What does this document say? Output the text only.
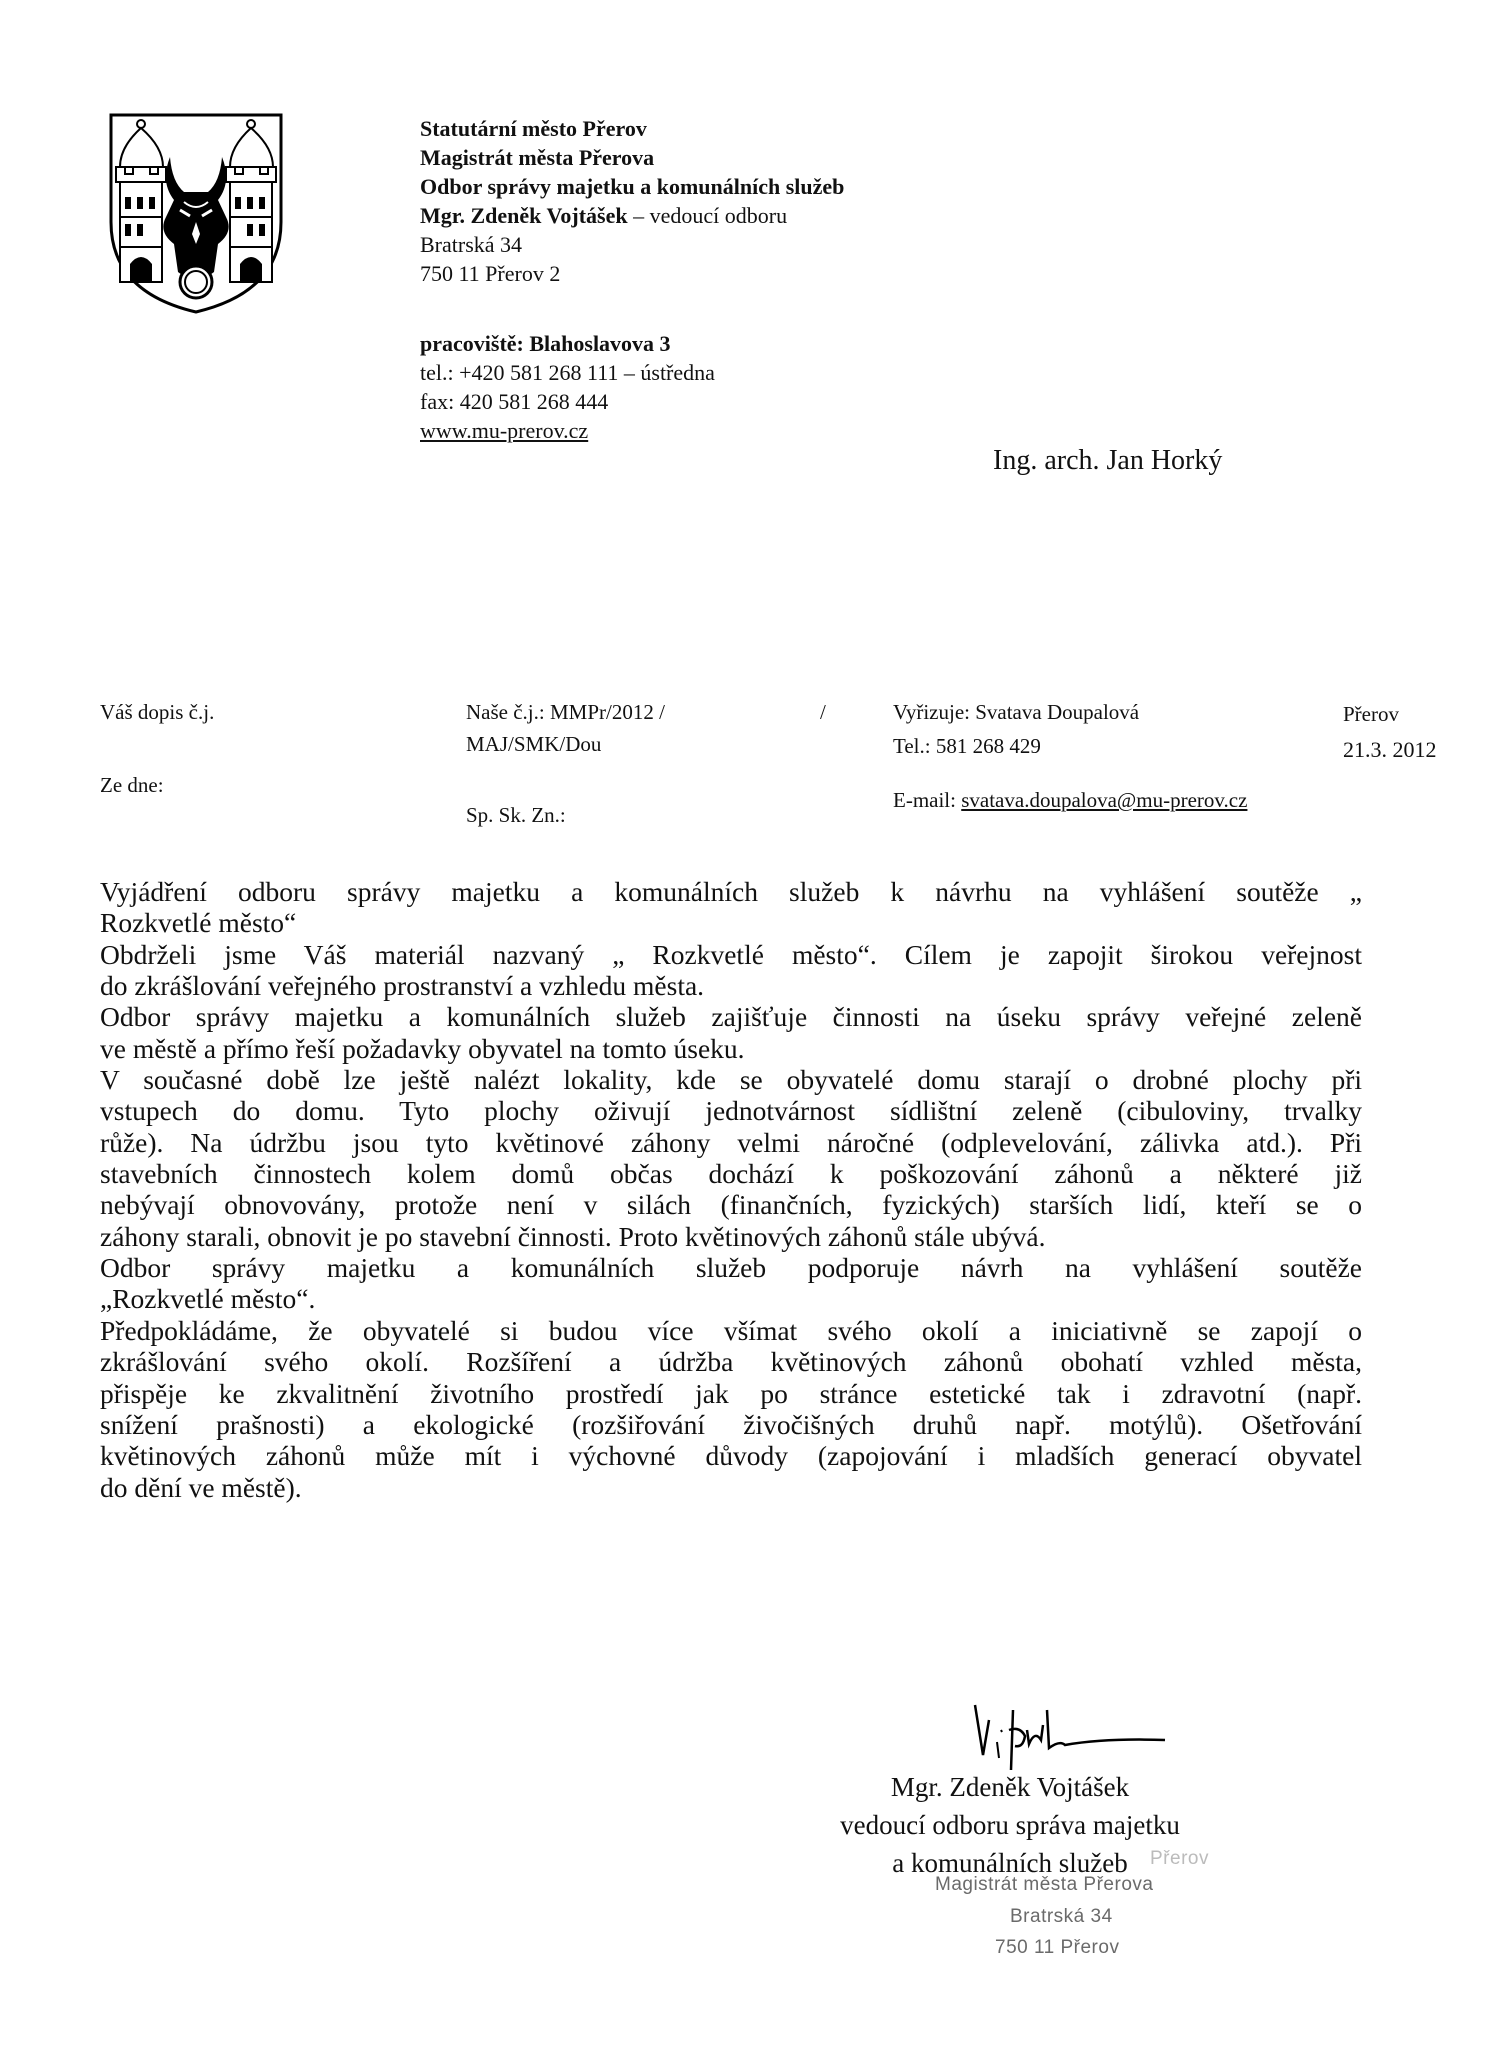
Statutární město Přerov
Magistrát města Přerova
Odbor správy majetku a komunálních služeb
Mgr. Zdeněk Vojtášek – vedoucí odboru
Bratrská 34
750 11 Přerov 2
pracoviště: Blahoslavova 3
tel.: +420 581 268 111 – ústředna
fax: 420 581 268 444
www.mu-prerov.cz
Ing. arch. Jan Horký
Váš dopis č.j.
Ze dne:
Naše č.j.: MMPr/2012 /	/
MAJ/SMK/Dou
Sp. Sk. Zn.:
Vyřizuje: Svatava Doupalová
Tel.: 581 268 429
E-mail: svatava.doupalova@mu-prerov.cz
Přerov
21.3. 2012
Vyjádření odboru správy majetku a komunálních služeb k návrhu na vyhlášení soutěže „
Rozkvetlé město“
Obdrželi jsme Váš materiál nazvaný „ Rozkvetlé město“. Cílem je zapojit širokou veřejnost
do zkrášlování veřejného prostranství a vzhledu města.
Odbor správy majetku a komunálních služeb zajišťuje činnosti na úseku správy veřejné zeleně
ve městě a přímo řeší požadavky obyvatel na tomto úseku.
V současné době lze ještě nalézt lokality, kde se obyvatelé domu starají o drobné plochy při
vstupech do domu. Tyto plochy oživují jednotvárnost sídlištní zeleně (cibuloviny, trvalky
růže). Na údržbu jsou tyto květinové záhony velmi náročné (odplevelování, zálivka atd.). Při
stavebních činnostech kolem domů občas dochází k poškozování záhonů a některé již
nebývají obnovovány, protože není v silách (finančních, fyzických) starších lidí, kteří se o
záhony starali, obnovit je po stavební činnosti. Proto květinových záhonů stále ubývá.
Odbor správy majetku a komunálních služeb podporuje návrh na vyhlášení soutěže
„Rozkvetlé město“.
Předpokládáme, že obyvatelé si budou více všímat svého okolí a iniciativně se zapojí o
zkrášlování svého okolí. Rozšíření a údržba květinových záhonů obohatí vzhled města,
přispěje ke zkvalitnění životního prostředí jak po stránce estetické tak i zdravotní (např.
snížení prašnosti) a ekologické (rozšiřování živočišných druhů např. motýlů). Ošetřování
květinových záhonů může mít i výchovné důvody (zapojování i mladších generací obyvatel
do dění ve městě).
Mgr. Zdeněk Vojtášek
vedoucí odboru správa majetku
a komunálních služeb	Přerov
Magistrát města Přerova
Bratrská 34
750 11 Přerov
